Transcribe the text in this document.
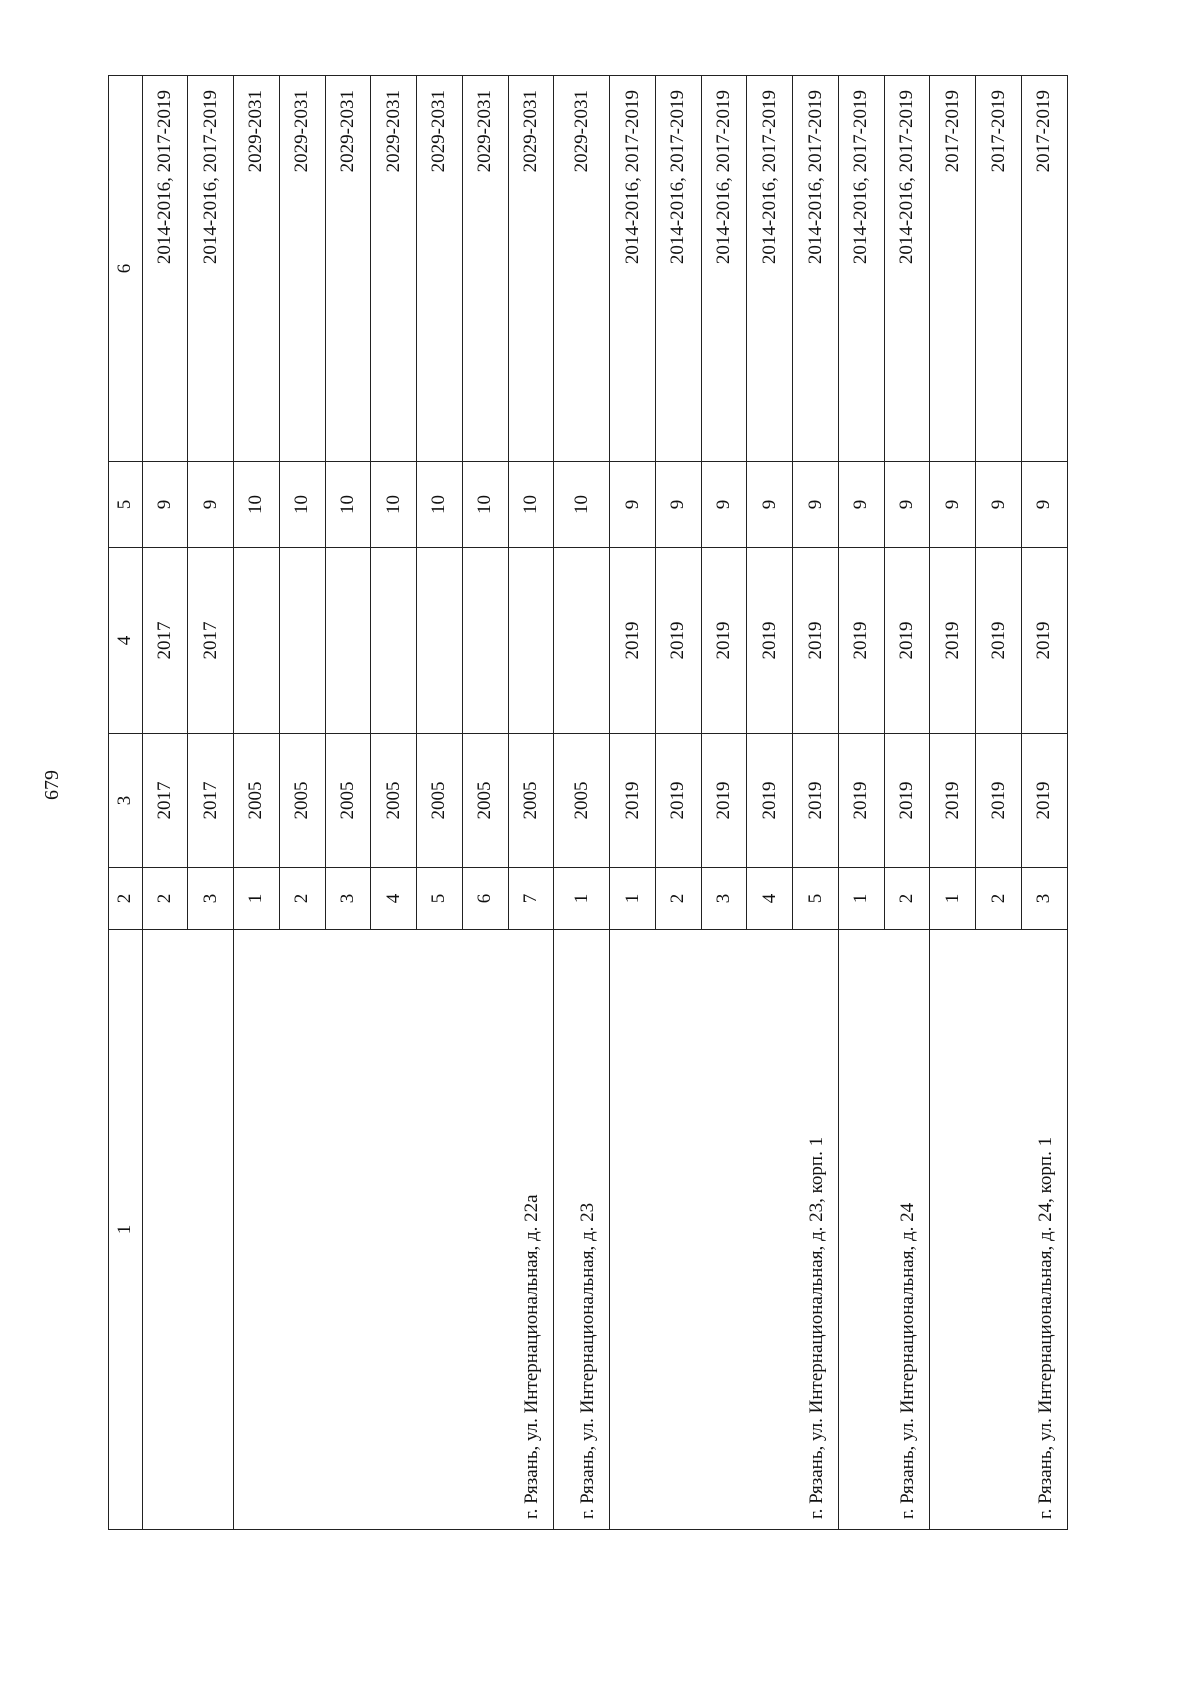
679
1	2	3	4	5	6
	2	2017	2017	9	2014-2016, 2017-2019
	3	2017	2017	9	2014-2016, 2017-2019
г. Рязань, ул. Интернациональная, д. 22а	1	2005		10	2029-2031
	2	2005		10	2029-2031
	3	2005		10	2029-2031
	4	2005		10	2029-2031
	5	2005		10	2029-2031
	6	2005		10	2029-2031
	7	2005		10	2029-2031
г. Рязань, ул. Интернациональная, д. 23	1	2005		10	2029-2031
г. Рязань, ул. Интернациональная, д. 23, корп. 1	1	2019	2019	9	2014-2016, 2017-2019
	2	2019	2019	9	2014-2016, 2017-2019
	3	2019	2019	9	2014-2016, 2017-2019
	4	2019	2019	9	2014-2016, 2017-2019
	5	2019	2019	9	2014-2016, 2017-2019
г. Рязань, ул. Интернациональная, д. 24	1	2019	2019	9	2014-2016, 2017-2019
	2	2019	2019	9	2014-2016, 2017-2019
г. Рязань, ул. Интернациональная, д. 24, корп. 1	1	2019	2019	9	2017-2019
	2	2019	2019	9	2017-2019
	3	2019	2019	9	2017-2019
